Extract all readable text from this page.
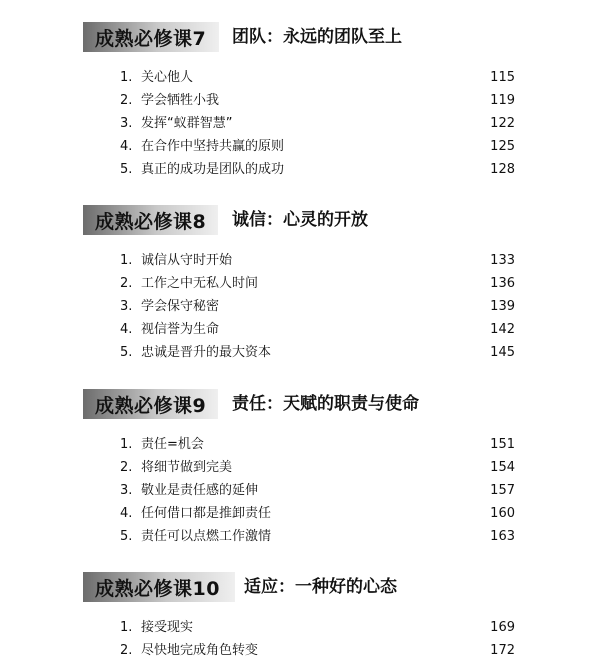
成熟必修课7 团队：永远的团队至上
1. 关心他人	115
2. 学会牺牲小我	119
3. 发挥“蚁群智慧”	122
4. 在合作中坚持共赢的原则	125
5. 真正的成功是团队的成功	128
成熟必修课8 诚信：心灵的开放
1. 诚信从守时开始	133
2. 工作之中无私人时间	136
3. 学会保守秘密	139
4. 视信誉为生命	142
5. 忠诚是晋升的最大资本	145
成熟必修课9 责任：天赋的职责与使命
1. 责任=机会	151
2. 将细节做到完美	154
3. 敬业是责任感的延伸	157
4. 任何借口都是推卸责任	160
5. 责任可以点燃工作激情	163
成熟必修课10 适应：一种好的心态
1. 接受现实	169
2. 尽快地完成角色转变	172
